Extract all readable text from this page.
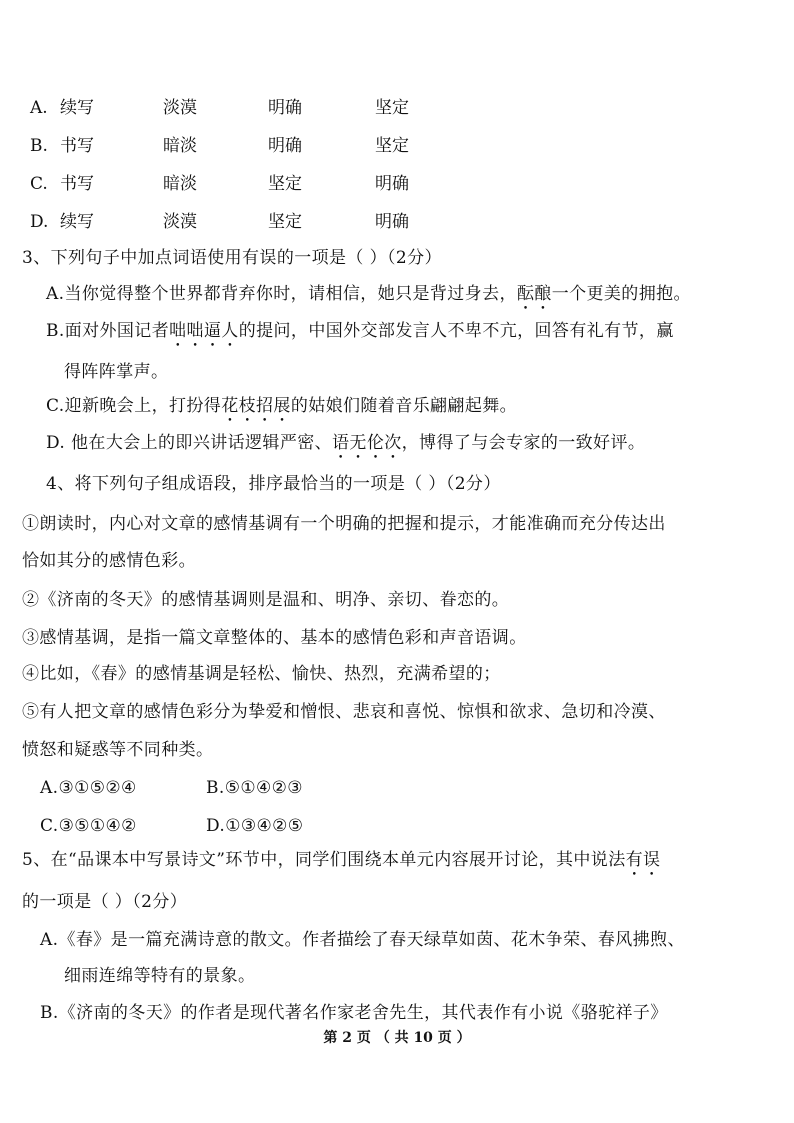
A. 续写	淡漠	明确	坚定
B. 书写	暗淡	明确	坚定
C. 书写	暗淡	坚定	明确
D. 续写	淡漠	坚定	明确
3、下列句子中加点词语使用有误的一项是（ ）（2分）
A.当你觉得整个世界都背弃你时，请相信，她只是背过身去，酝酿一个更美的拥抱。
B.面对外国记者咄咄逼人的提问，中国外交部发言人不卑不亢，回答有礼有节，赢
得阵阵掌声。
C.迎新晚会上，打扮得花枝招展的姑娘们随着音乐翩翩起舞。
D. 他在大会上的即兴讲话逻辑严密、语无伦次，博得了与会专家的一致好评。
4、将下列句子组成语段，排序最恰当的一项是（ ）（2分）
①朗读时，内心对文章的感情基调有一个明确的把握和提示，才能准确而充分传达出
恰如其分的感情色彩。
②《济南的冬天》的感情基调则是温和、明净、亲切、眷恋的。
③感情基调，是指一篇文章整体的、基本的感情色彩和声音语调。
④比如，《春》的感情基调是轻松、愉快、热烈，充满希望的；
⑤有人把文章的感情色彩分为挚爱和憎恨、悲哀和喜悦、惊惧和欲求、急切和冷漠、
愤怒和疑惑等不同种类。
A.③①⑤②④	B.⑤①④②③
C.③⑤①④②	D.①③④②⑤
5、在“品课本中写景诗文”环节中，同学们围绕本单元内容展开讨论，其中说法有误
的一项是（ ）（2分）
A.《春》是一篇充满诗意的散文。作者描绘了春天绿草如茵、花木争荣、春风拂煦、
细雨连绵等特有的景象。
B.《济南的冬天》的作者是现代著名作家老舍先生，其代表作有小说《骆驼祥子》
第 2 页 （ 共 10 页 ）
